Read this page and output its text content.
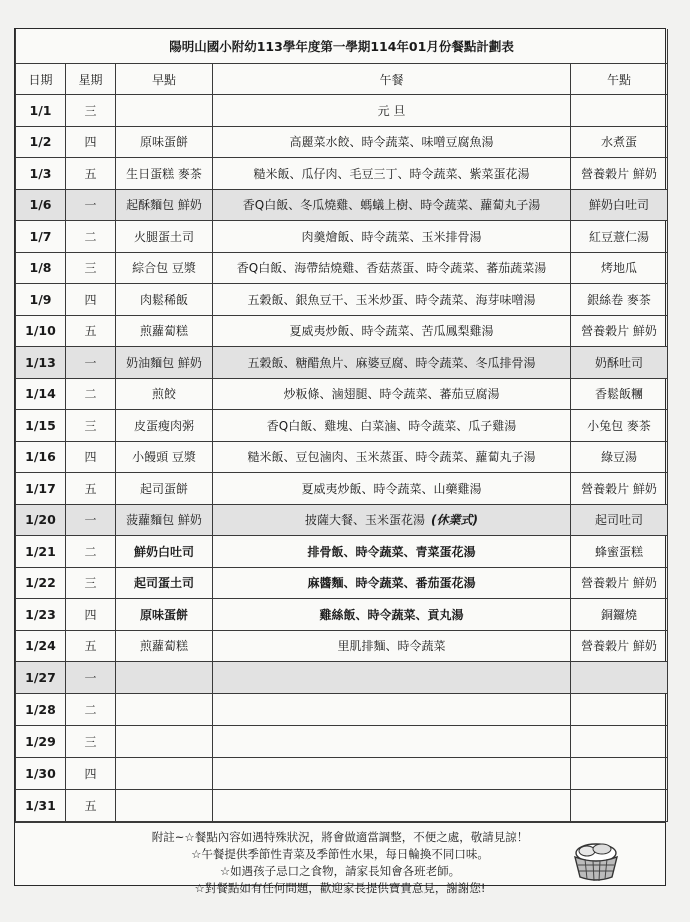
陽明山國小附幼113學年度第一學期114年01月份餐點計劃表				
日期	星期	早點	午餐	午點
1/1	三		元 旦	
1/2	四	原味蛋餅	高麗菜水餃、時令蔬菜、味噌豆腐魚湯	水煮蛋
1/3	五	生日蛋糕 麥茶	糙米飯、瓜仔肉、毛豆三丁、時令蔬菜、紫菜蛋花湯	營養穀片 鮮奶
1/6	一	起酥麵包 鮮奶	香Q白飯、冬瓜燒雞、螞蟻上樹、時令蔬菜、蘿蔔丸子湯	鮮奶白吐司
1/7	二	火腿蛋土司	肉羹燴飯、時令蔬菜、玉米排骨湯	紅豆薏仁湯
1/8	三	綜合包 豆漿	香Q白飯、海帶結燒雞、香菇蒸蛋、時令蔬菜、蕃茄蔬菜湯	烤地瓜
1/9	四	肉鬆稀飯	五穀飯、銀魚豆干、玉米炒蛋、時令蔬菜、海芽味噌湯	銀絲卷 麥茶
1/10	五	煎蘿蔔糕	夏威夷炒飯、時令蔬菜、苦瓜鳳梨雞湯	營養穀片 鮮奶
1/13	一	奶油麵包 鮮奶	五穀飯、糖醋魚片、麻婆豆腐、時令蔬菜、冬瓜排骨湯	奶酥吐司
1/14	二	煎餃	炒粄條、滷翅腿、時令蔬菜、蕃茄豆腐湯	香鬆飯糰
1/15	三	皮蛋瘦肉粥	香Q白飯、雞塊、白菜滷、時令蔬菜、瓜子雞湯	小兔包 麥茶
1/16	四	小饅頭 豆漿	糙米飯、豆包滷肉、玉米蒸蛋、時令蔬菜、蘿蔔丸子湯	綠豆湯
1/17	五	起司蛋餅	夏威夷炒飯、時令蔬菜、山藥雞湯	營養穀片 鮮奶
1/20	一	菠蘿麵包 鮮奶	披薩大餐、玉米蛋花湯 (休業式)	起司吐司
1/21	二	鮮奶白吐司	排骨飯、時令蔬菜、青菜蛋花湯	蜂蜜蛋糕
1/22	三	起司蛋土司	麻醬麵、時令蔬菜、番茄蛋花湯	營養穀片 鮮奶
1/23	四	原味蛋餅	雞絲飯、時令蔬菜、貢丸湯	銅鑼燒
1/24	五	煎蘿蔔糕	里肌排麵、時令蔬菜	營養穀片 鮮奶
1/27	一			
1/28	二			
1/29	三			
1/30	四			
1/31	五			
附註~☆餐點內容如遇特殊狀況，將會做適當調整，不便之處，敬請見諒！
☆午餐提供季節性青菜及季節性水果，每日輪換不同口味。
☆如遇孩子忌口之食物，請家長知會各班老師。
☆對餐點如有任何問題，歡迎家長提供寶貴意見，謝謝您!
